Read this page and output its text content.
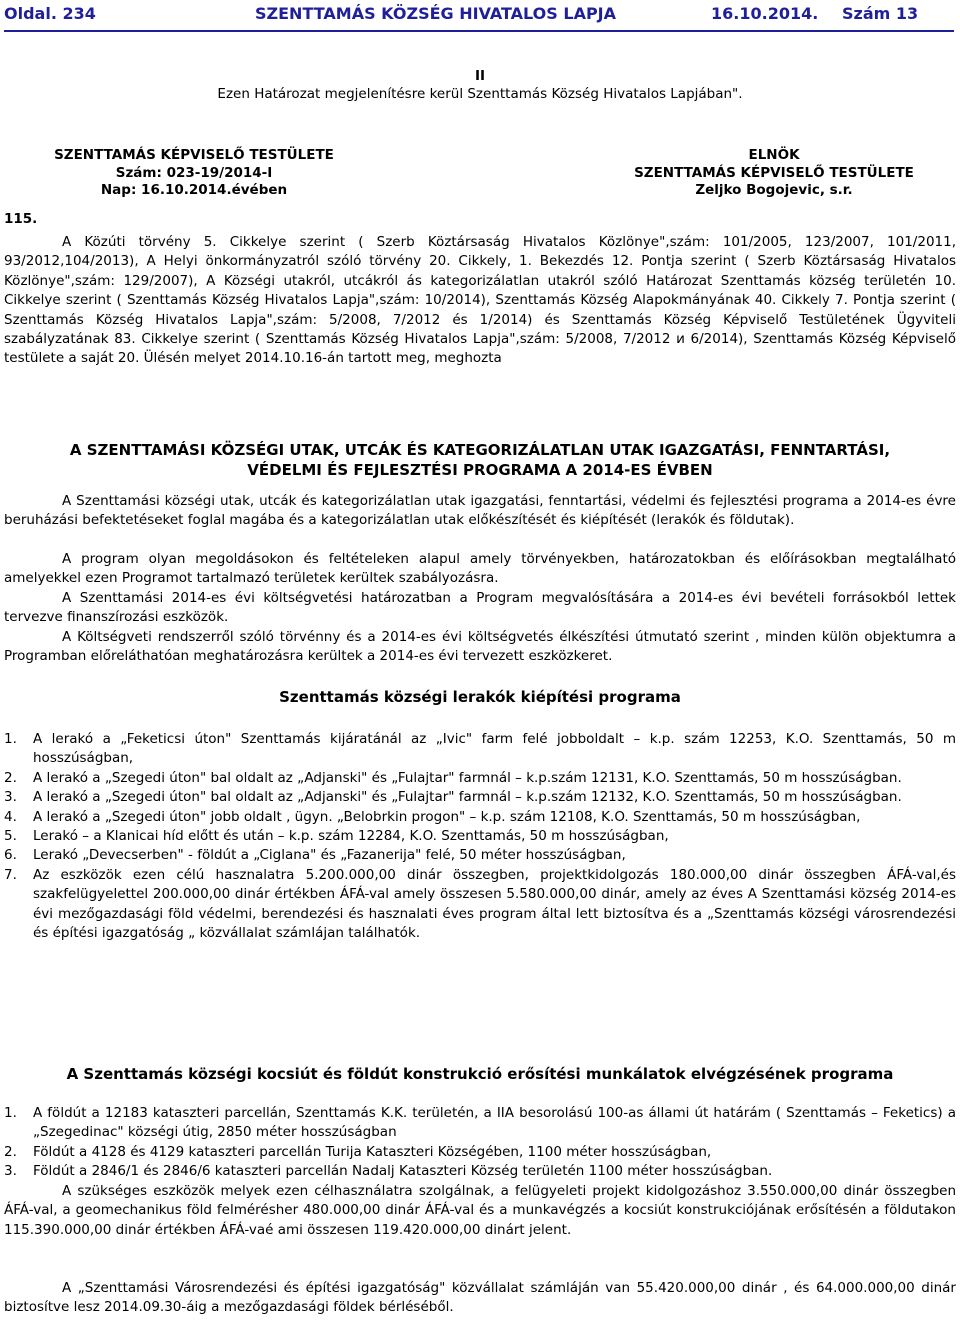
Oldal. 234	SZENTTAMÁS KÖZSÉG HIVATALOS LAPJA	16.10.2014. Szám 13
II
Ezen Határozat megjelenítésre kerül Szenttamás Község Hivatalos Lapjában".
SZENTTAMÁS KÉPVISELŐ TESTÜLETE
Szám: 023-19/2014-I
Nap: 16.10.2014.évében
ELNÖK
SZENTTAMÁS KÉPVISELŐ TESTÜLETE
Zeljko Bogojevic, s.r.
115.
A Közúti törvény 5. Cikkelye szerint ( Szerb Köztársaság Hivatalos Közlönye",szám: 101/2005, 123/2007, 101/2011, 93/2012,104/2013), A Helyi önkormányzatról szóló törvény 20. Cikkely, 1. Bekezdés 12. Pontja szerint ( Szerb Köztársaság Hivatalos Közlönye",szám: 129/2007), A Községi utakról, utcákról ás kategorizálatlan utakról szóló Határozat Szenttamás község területén 10. Cikkelye szerint ( Szenttamás Község Hivatalos Lapja",szám: 10/2014), Szenttamás Község Alapokmányának 40. Cikkely 7. Pontja szerint ( Szenttamás Község Hivatalos Lapja",szám: 5/2008, 7/2012 és 1/2014) és Szenttamás Község Képviselő Testületének Ügyviteli szabályzatának 83. Cikkelye szerint ( Szenttamás Község Hivatalos Lapja",szám: 5/2008, 7/2012 и 6/2014), Szenttamás Község Képviselő testülete a saját 20. Ülésén melyet 2014.10.16-án tartott meg, meghozta
A SZENTTAMÁSI KÖZSÉGI UTAK, UTCÁK ÉS KATEGORIZÁLATLAN UTAK IGAZGATÁSI, FENNTARTÁSI,
VÉDELMI ÉS FEJLESZTÉSI PROGRAMA A 2014-ES ÉVBEN
A Szenttamási községi utak, utcák és kategorizálatlan utak igazgatási, fenntartási, védelmi és fejlesztési programa a 2014-es évre beruházási befektetéseket foglal magába és a kategorizálatlan utak előkészítését és kiépítését (lerakók és földutak).
A program olyan megoldásokon és feltételeken alapul amely törvényekben, határozatokban és előírásokban megtalálható amelyekkel ezen Programot tartalmazó területek kerültek szabályozásra.
A Szenttamási 2014-es évi költségvetési határozatban a Program megvalósítására a 2014-es évi bevételi forrásokból lettek tervezve finanszírozási eszközök.
A Költségveti rendszerről szóló törvénny és a 2014-es évi költségvetés élkészítési útmutató szerint , minden külön objektumra a Programban előreláthatóan meghatározásra kerültek a 2014-es évi tervezett eszközkeret.
Szenttamás községi lerakók kiépítési programa
1. A lerakó a „Feketicsi úton" Szenttamás kijáratánál az „Ivic" farm felé jobboldalt – k.p. szám 12253, K.O. Szenttamás, 50 m hosszúságban,
2. A lerakó a „Szegedi úton" bal oldalt az „Adjanski" és „Fulajtar" farmnál – k.p.szám 12131, K.O. Szenttamás, 50 m hosszúságban.
3. A lerakó a „Szegedi úton" bal oldalt az „Adjanski" és „Fulajtar" farmnál – k.p.szám 12132, K.O. Szenttamás, 50 m hosszúságban.
4. A lerakó a „Szegedi úton" jobb oldalt , ügyn. „Belobrkin progon" – k.p. szám 12108, K.O. Szenttamás, 50 m hosszúságban,
5. Lerakó – a Klanicai híd előtt és után – k.p. szám 12284, K.O. Szenttamás, 50 m hosszúságban,
6. Lerakó „Devecserben" - földút a „Ciglana" és „Fazanerija" felé, 50 méter hosszúságban,
7. Az eszközök ezen célú hasznalatra 5.200.000,00 dinár összegben, projektkidolgozás 180.000,00 dinár összegben ÁFÁ-val,és szakfelügyelettel 200.000,00 dinár értékben ÁFÁ-val amely összesen 5.580.000,00 dinár, amely az éves A Szenttamási község 2014-es évi mezőgazdasági föld védelmi, berendezési és hasznalati éves program által lett biztosítva és a „Szenttamás községi városrendezési és építési igazgatóság „ közvállalat számlájan találhatók.
A Szenttamás községi kocsiút és földút konstrukció erősítési munkálatok elvégzésének programa
1. A földút a 12183 kataszteri parcellán, Szenttamás K.K. területén, a IIA besorolású 100-as állami út határám ( Szenttamás – Feketics) a „Szegedinac" községi útig, 2850 méter hosszúságban
2. Földút a 4128 és 4129 kataszteri parcellán Turija Kataszteri Községében, 1100 méter hosszúságban,
3. Földút a 2846/1 és 2846/6 kataszteri parcellán Nadalj Kataszteri Község területén 1100 méter hosszúságban.
A szükséges eszközök melyek ezen célhasználatra szolgálnak, a felügyeleti projekt kidolgozáshoz 3.550.000,00 dinár összegben ÁFÁ-val, a geomechanikus föld felmérésher 480.000,00 dinár ÁFÁ-val és a munkavégzés a kocsiút konstrukciójának erősítésén a földutakon 115.390.000,00 dinár értékben ÁFÁ-vaé ami összesen 119.420.000,00 dinárt jelent.
A „Szenttamási Városrendezési és építési igazgatóság" közvállalat számláján van 55.420.000,00 dinár , és 64.000.000,00 dinár biztosítve lesz 2014.09.30-áig a mezőgazdasági földek bérléséből.
